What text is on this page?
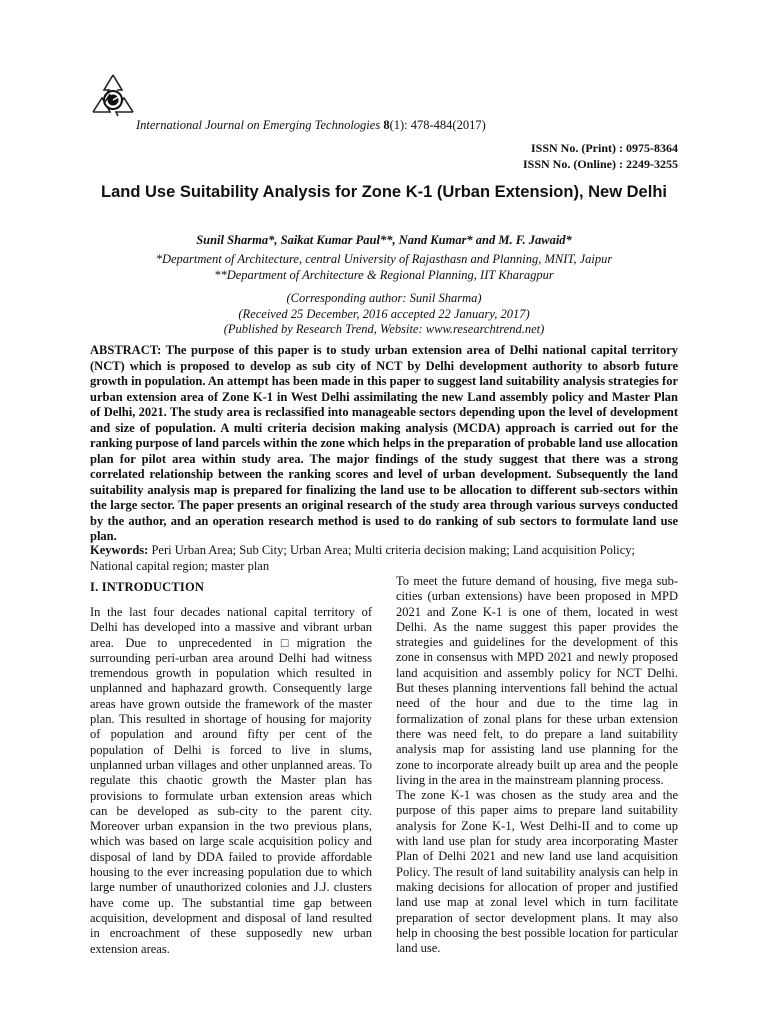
International Journal on Emerging Technologies 8(1): 478-484(2017)
ISSN No. (Print) : 0975-8364
ISSN No. (Online) : 2249-3255
Land Use Suitability Analysis for Zone K-1 (Urban Extension), New Delhi
Sunil Sharma*, Saikat Kumar Paul**, Nand Kumar* and M. F. Jawaid*
*Department of Architecture, central University of Rajasthasn and Planning, MNIT, Jaipur
**Department of Architecture & Regional Planning, IIT Kharagpur
(Corresponding author: Sunil Sharma)
(Received 25 December, 2016 accepted 22 January, 2017)
(Published by Research Trend, Website: www.researchtrend.net)

ABSTRACT: The purpose of this paper is to study urban extension area of Delhi national capital territory (NCT) which is proposed to develop as sub city of NCT by Delhi development authority to absorb future growth in population. An attempt has been made in this paper to suggest land suitability analysis strategies for urban extension area of Zone K-1 in West Delhi assimilating the new Land assembly policy and Master Plan of Delhi, 2021. The study area is reclassified into manageable sectors depending upon the level of development and size of population. A multi criteria decision making analysis (MCDA) approach is carried out for the ranking purpose of land parcels within the zone which helps in the preparation of probable land use allocation plan for pilot area within study area. The major findings of the study suggest that there was a strong correlated relationship between the ranking scores and level of urban development. Subsequently the land suitability analysis map is prepared for finalizing the land use to be allocation to different sub-sectors within the large sector. The paper presents an original research of the study area through various surveys conducted by the author, and an operation research method is used to do ranking of sub sectors to formulate land use plan.

Keywords: Peri Urban Area; Sub City; Urban Area; Multi criteria decision making; Land acquisition Policy; National capital region; master plan

I. INTRODUCTION

In the last four decades national capital territory of Delhi has developed into a massive and vibrant urban area. Due to unprecedented in□migration the surrounding peri-urban area around Delhi had witness tremendous growth in population which resulted in unplanned and haphazard growth. Consequently large areas have grown outside the framework of the master plan. This resulted in shortage of housing for majority of population and around fifty per cent of the population of Delhi is forced to live in slums, unplanned urban villages and other unplanned areas. To regulate this chaotic growth the Master plan has provisions to formulate urban extension areas which can be developed as sub-city to the parent city. Moreover urban expansion in the two previous plans, which was based on large scale acquisition policy and disposal of land by DDA failed to provide affordable housing to the ever increasing population due to which large number of unauthorized colonies and J.J. clusters have come up. The substantial time gap between acquisition, development and disposal of land resulted in encroachment of these supposedly new urban extension areas.

To meet the future demand of housing, five mega sub-cities (urban extensions) have been proposed in MPD 2021 and Zone K-1 is one of them, located in west Delhi. As the name suggest this paper provides the strategies and guidelines for the development of this zone in consensus with MPD 2021 and newly proposed land acquisition and assembly policy for NCT Delhi. But theses planning interventions fall behind the actual need of the hour and due to the time lag in formalization of zonal plans for these urban extension there was need felt, to do prepare a land suitability analysis map for assisting land use planning for the zone to incorporate already built up area and the people living in the area in the mainstream planning process.

The zone K-1 was chosen as the study area and the purpose of this paper aims to prepare land suitability analysis for Zone K-1, West Delhi-II and to come up with land use plan for study area incorporating Master Plan of Delhi 2021 and new land use land acquisition Policy. The result of land suitability analysis can help in making decisions for allocation of proper and justified land use map at zonal level which in turn facilitate preparation of sector development plans. It may also help in choosing the best possible location for particular land use.
